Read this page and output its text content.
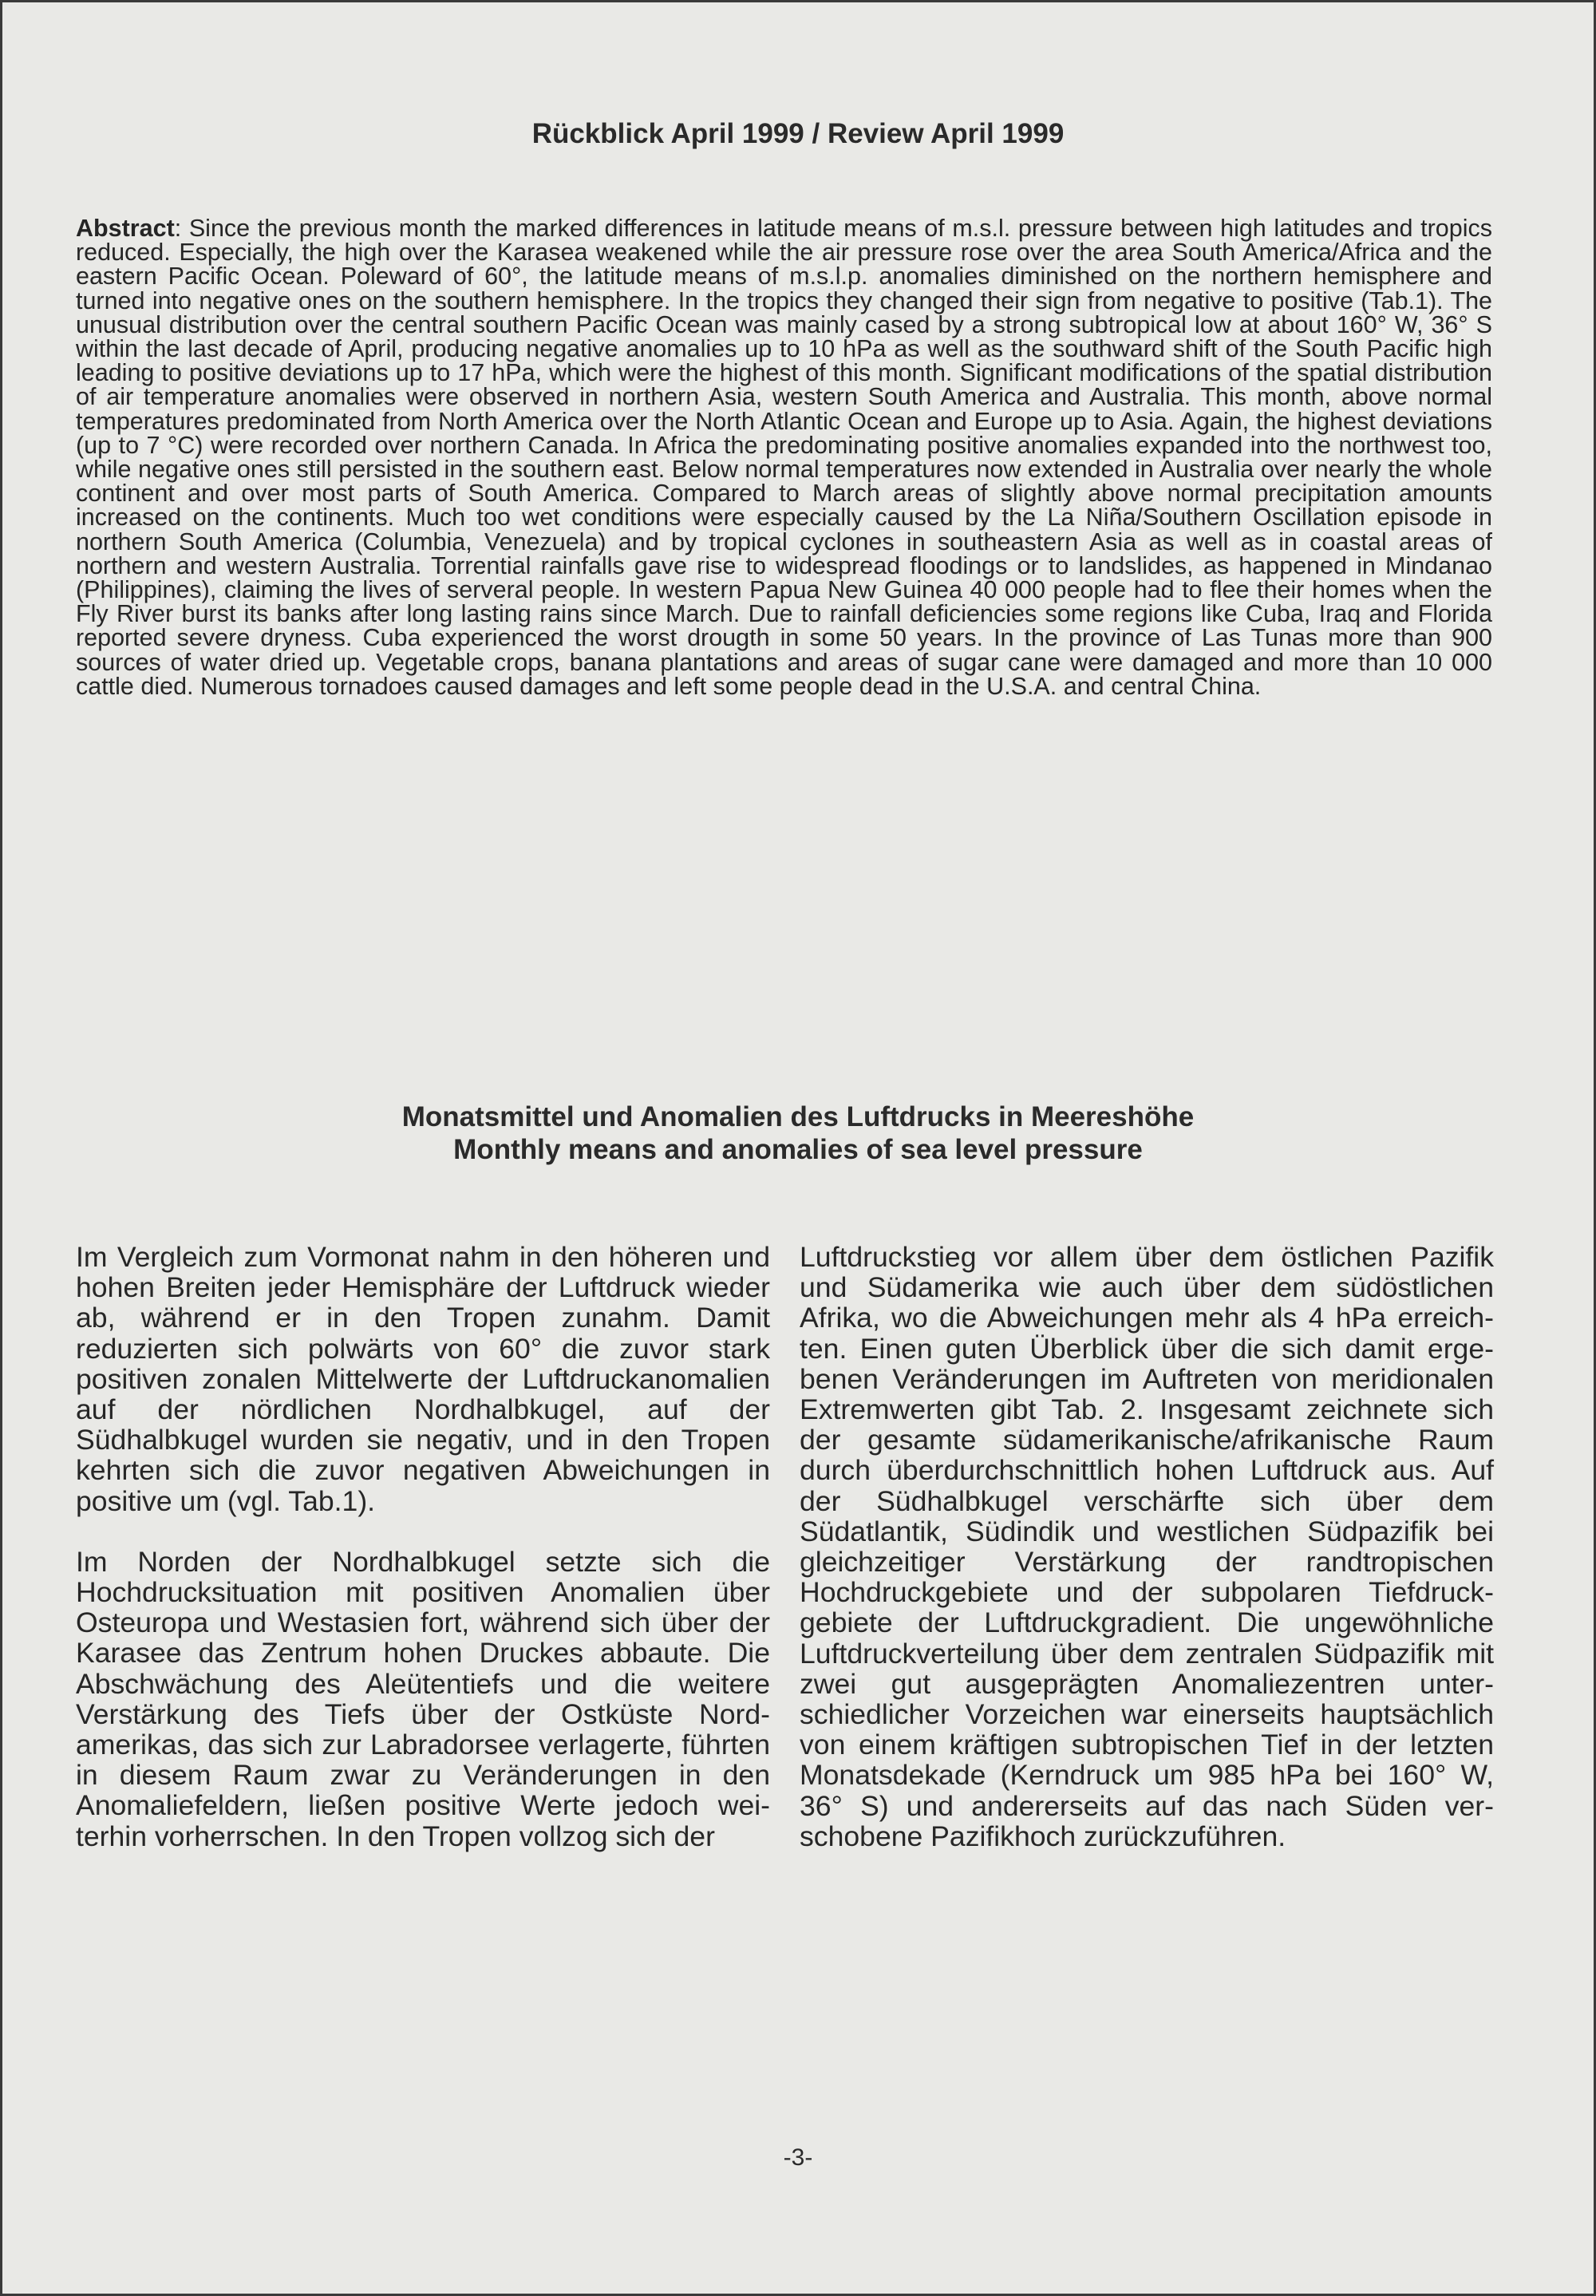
Rückblick April 1999 / Review April 1999
Abstract: Since the previous month the marked differences in latitude means of m.s.l. pressure between high latitudes and tropics reduced. Especially, the high over the Karasea weakened while the air pressure rose over the area South America/Africa and the eastern Pacific Ocean. Poleward of 60°, the latitude means of m.s.l.p. anomalies diminished on the northern hemisphere and turned into negative ones on the southern hemisphere. In the tropics they changed their sign from negative to positive (Tab.1). The unusual distribution over the central southern Pacific Ocean was mainly cased by a strong subtropical low at about 160° W, 36° S within the last decade of April, producing negative anomalies up to 10 hPa as well as the southward shift of the South Pacific high leading to positive deviations up to 17 hPa, which were the highest of this month. Significant modifications of the spatial distribution of air temperature anomalies were observed in northern Asia, western South America and Australia. This month, above normal temperatures predominated from North America over the North Atlantic Ocean and Europe up to Asia. Again, the highest deviations (up to 7 °C) were recorded over northern Canada. In Africa the predominating positive anomalies expanded into the northwest too, while negative ones still persisted in the southern east. Below normal temperatures now extended in Australia over nearly the whole continent and over most parts of South America. Compared to March areas of slightly above normal precipitation amounts increased on the continents. Much too wet conditions were especially caused by the La Niña/Southern Oscillation episode in northern South America (Columbia, Venezuela) and by tropical cyclones in southeastern Asia as well as in coastal areas of northern and western Australia. Torrential rainfalls gave rise to widespread floodings or to landslides, as happened in Mindanao (Philippines), claiming the lives of serveral people. In western Papua New Guinea 40 000 people had to flee their homes when the Fly River burst its banks after long lasting rains since March. Due to rainfall deficiencies some regions like Cuba, Iraq and Florida reported severe dryness. Cuba experienced the worst drougth in some 50 years. In the province of Las Tunas more than 900 sources of water dried up. Vegetable crops, banana plantations and areas of sugar cane were damaged and more than 10 000 cattle died. Numerous tornadoes caused damages and left some people dead in the U.S.A. and central China.
Monatsmittel und Anomalien des Luftdrucks in Meereshöhe
Monthly means and anomalies of sea level pressure

Im Vergleich zum Vormonat nahm in den höheren und hohen Breiten jeder Hemisphäre der Luftdruck wieder ab, während er in den Tropen zunahm. Damit reduzierten sich polwärts von 60° die zuvor stark positiven zonalen Mittelwerte der Luftdruckanomalien auf der nördlichen Nordhalbkugel, auf der Südhalbkugel wurden sie negativ, und in den Tropen kehrten sich die zuvor negativen Abweichungen in positive um (vgl. Tab.1).

Im Norden der Nordhalbkugel setzte sich die Hochdrucksituation mit positiven Anomalien über Osteuropa und Westasien fort, während sich über der Karasee das Zentrum hohen Druckes abbaute. Die Abschwächung des Aleütentiefs und die weitere Verstärkung des Tiefs über der Ostküste Nordamerikas, das sich zur Labradorsee verlagerte, führten in diesem Raum zwar zu Veränderungen in den Anomaliefeldern, ließen positive Werte jedoch weiterhin vorherrschen. In den Tropen vollzog sich der

Luftdruckstieg vor allem über dem östlichen Pazifik und Südamerika wie auch über dem südöstlichen Afrika, wo die Abweichungen mehr als 4 hPa erreichten. Einen guten Überblick über die sich damit ergebenen Veränderungen im Auftreten von meridionalen Extremwerten gibt Tab. 2. Insgesamt zeichnete sich der gesamte südamerikanische/afrikanische Raum durch überdurchschnittlich hohen Luftdruck aus. Auf der Südhalbkugel verschärfte sich über dem Südatlantik, Südindik und westlichen Südpazifik bei gleichzeitiger Verstärkung der randtropischen Hochdruckgebiete und der subpolaren Tiefdruckgebiete der Luftdruckgradient. Die ungewöhnliche Luftdruckverteilung über dem zentralen Südpazifik mit zwei gut ausgeprägten Anomaliezentren unterschiedlicher Vorzeichen war einerseits hauptsächlich von einem kräftigen subtropischen Tief in der letzten Monatsdekade (Kerndruck um 985 hPa bei 160° W, 36° S) und andererseits auf das nach Süden verschobene Pazifikhoch zurückzuführen.

-3-
